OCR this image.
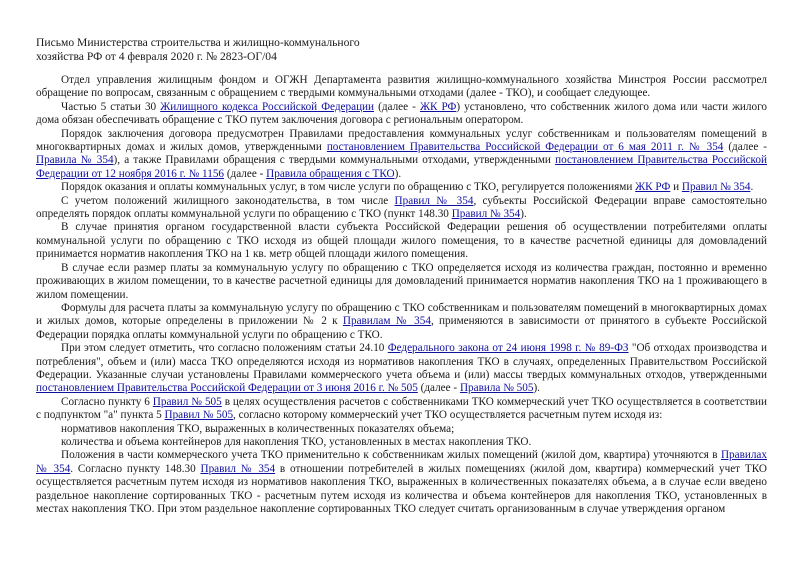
Письмо Министерства строительства и жилищно-коммунального
хозяйства РФ от 4 февраля 2020 г. № 2823-ОГ/04

Отдел управления жилищным фондом и ОГЖН Департамента развития жилищно-коммунального хозяйства Минстроя России рассмотрел обращение по вопросам, связанным с обращением с твердыми коммунальными отходами (далее - ТКО), и сообщает следующее.

Частью 5 статьи 30 Жилищного кодекса Российской Федерации (далее - ЖК РФ) установлено, что собственник жилого дома или части жилого дома обязан обеспечивать обращение с ТКО путем заключения договора с региональным оператором.

Порядок заключения договора предусмотрен Правилами предоставления коммунальных услуг собственникам и пользователям помещений в многоквартирных домах и жилых домов, утвержденными постановлением Правительства Российской Федерации от 6 мая 2011 г. № 354 (далее - Правила № 354), а также Правилами обращения с твердыми коммунальными отходами, утвержденными постановлением Правительства Российской Федерации от 12 ноября 2016 г. № 1156 (далее - Правила обращения с ТКО).

Порядок оказания и оплаты коммунальных услуг, в том числе услуги по обращению с ТКО, регулируется положениями ЖК РФ и Правил № 354.

С учетом положений жилищного законодательства, в том числе Правил № 354, субъекты Российской Федерации вправе самостоятельно определять порядок оплаты коммунальной услуги по обращению с ТКО (пункт 148.30 Правил № 354).

В случае принятия органом государственной власти субъекта Российской Федерации решения об осуществлении потребителями оплаты коммунальной услуги по обращению с ТКО исходя из общей площади жилого помещения, то в качестве расчетной единицы для домовладений принимается норматив накопления ТКО на 1 кв. метр общей площади жилого помещения.

В случае если размер платы за коммунальную услугу по обращению с ТКО определяется исходя из количества граждан, постоянно и временно проживающих в жилом помещении, то в качестве расчетной единицы для домовладений принимается норматив накопления ТКО на 1 проживающего в жилом помещении.

Формулы для расчета платы за коммунальную услугу по обращению с ТКО собственникам и пользователям помещений в многоквартирных домах и жилых домов, которые определены в приложении № 2 к Правилам № 354, применяются в зависимости от принятого в субъекте Российской Федерации порядка оплаты коммунальной услуги по обращению с ТКО.

При этом следует отметить, что согласно положениям статьи 24.10 Федерального закона от 24 июня 1998 г. № 89-ФЗ "Об отходах производства и потребления", объем и (или) масса ТКО определяются исходя из нормативов накопления ТКО в случаях, определенных Правительством Российской Федерации. Указанные случаи установлены Правилами коммерческого учета объема и (или) массы твердых коммунальных отходов, утвержденными постановлением Правительства Российской Федерации от 3 июня 2016 г. № 505 (далее - Правила № 505).

Согласно пункту 6 Правил № 505 в целях осуществления расчетов с собственниками ТКО коммерческий учет ТКО осуществляется в соответствии с подпунктом "а" пункта 5 Правил № 505, согласно которому коммерческий учет ТКО осуществляется расчетным путем исходя из:

нормативов накопления ТКО, выраженных в количественных показателях объема;

количества и объема контейнеров для накопления ТКО, установленных в местах накопления ТКО.

Положения в части коммерческого учета ТКО применительно к собственникам жилых помещений (жилой дом, квартира) уточняются в Правилах № 354. Согласно пункту 148.30 Правил № 354 в отношении потребителей в жилых помещениях (жилой дом, квартира) коммерческий учет ТКО осуществляется расчетным путем исходя из нормативов накопления ТКО, выраженных в количественных показателях объема, а в случае если введено раздельное накопление сортированных ТКО - расчетным путем исходя из количества и объема контейнеров для накопления ТКО, установленных в местах накопления ТКО. При этом раздельное накопление сортированных ТКО следует считать организованным в случае утверждения органом
